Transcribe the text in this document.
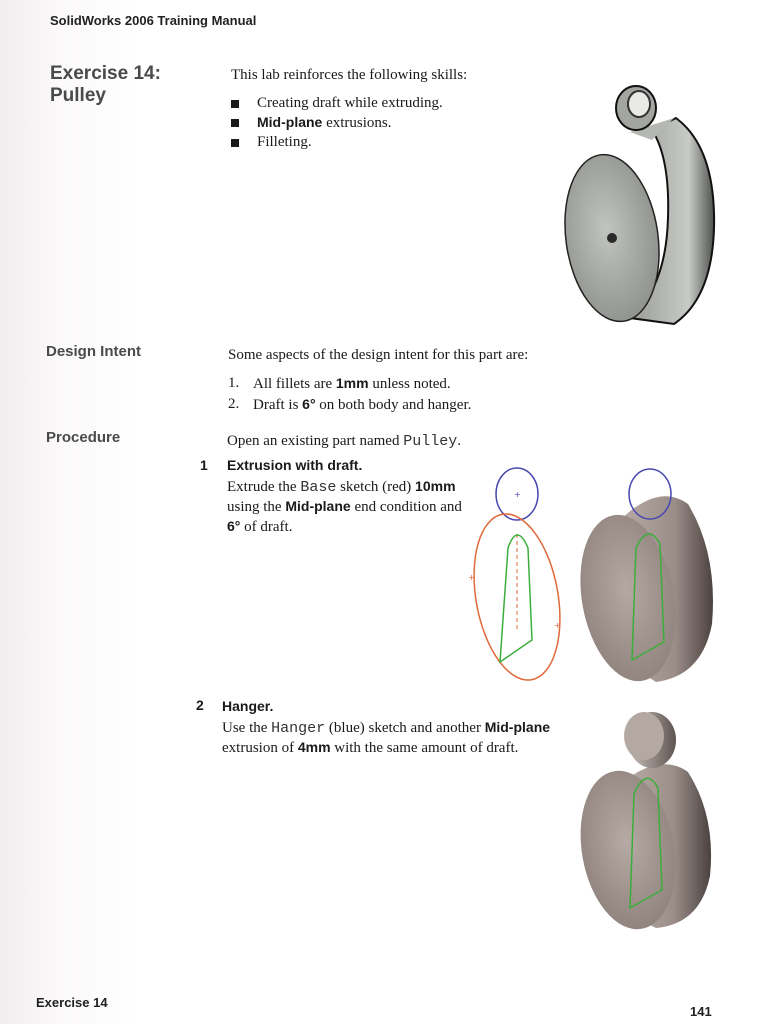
SolidWorks 2006 Training Manual
Exercise 14:
Pulley
This lab reinforces the following skills:
Creating draft while extruding.
Mid-plane extrusions.
Filleting.
Design Intent	Some aspects of the design intent for this part are:
1. All fillets are 1mm unless noted.
2. Draft is 6° on both body and hanger.
Procedure	Open an existing part named Pulley.
1 Extrusion with draft.
Extrude the Base sketch (red) 10mm using the Mid-plane end condition and 6° of draft.
+
+
+
2 Hanger.
Use the Hanger (blue) sketch and another Mid-plane extrusion of 4mm with the same amount of draft.
Exercise 14
141
